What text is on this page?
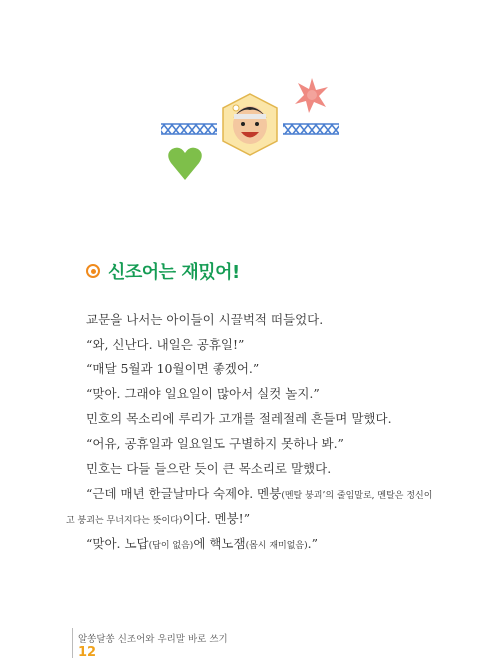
신조어는 재밌어!
교문을 나서는 아이들이 시끌벅적 떠들었다.
“와, 신난다. 내일은 공휴일!”
“매달 5월과 10월이면 좋겠어.”
“맞아. 그래야 일요일이 많아서 실컷 놀지.”
민호의 목소리에 루리가 고개를 절레절레 흔들며 말했다.
“어유, 공휴일과 일요일도 구별하지 못하나 봐.”
민호는 다들 들으란 듯이 큰 목소리로 말했다.
“근데 매년 한글날마다 숙제야. 멘붕(멘탈 붕괴’의 줄임말로, 멘탈은 정신이
고 붕괴는 무너지다는 뜻이다)이다. 멘붕!”
“맞아. 노답(답이 없음)에 핵노잼(몹시 재미없음).”
알쏭달쏭 신조어와 우리말 바로 쓰기
12
